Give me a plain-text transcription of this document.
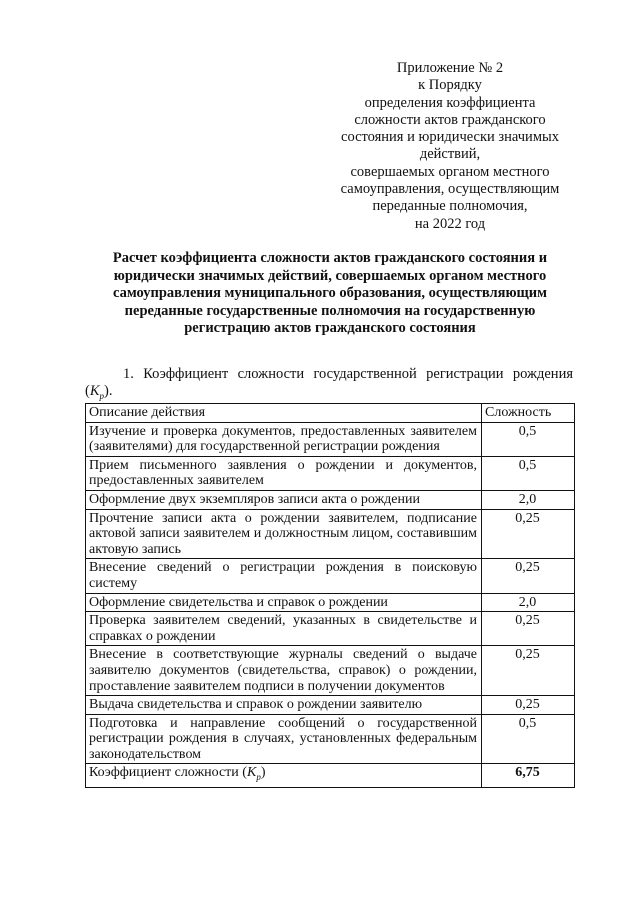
Приложение № 2
к Порядку
определения коэффициента
сложности актов гражданского
состояния и юридически значимых
действий,
совершаемых органом местного
самоуправления, осуществляющим
переданные полномочия,
на 2022 год
Расчет коэффициента сложности актов гражданского состояния и
юридически значимых действий, совершаемых органом местного
самоуправления муниципального образования, осуществляющим
переданные государственные полномочия на государственную
регистрацию актов гражданского состояния
1. Коэффициент сложности государственной регистрации рождения $(K_р)$.
Описание действия	Сложность
Изучение и проверка документов, предоставленных заявителем (заявителями) для государственной регистрации рождения	0,5
Прием письменного заявления о рождении и документов, предоставленных заявителем	0,5
Оформление двух экземпляров записи акта о рождении	2,0
Прочтение записи акта о рождении заявителем, подписание актовой записи заявителем и должностным лицом, составившим актовую запись	0,25
Внесение сведений о регистрации рождения в поисковую систему	0,25
Оформление свидетельства и справок о рождении	2,0
Проверка заявителем сведений, указанных в свидетельстве и справках о рождении	0,25
Внесение в соответствующие журналы сведений о выдаче заявителю документов (свидетельства, справок) о рождении, проставление заявителем подписи в получении документов	0,25
Выдача свидетельства и справок о рождении заявителю	0,25
Подготовка и направление сообщений о государственной регистрации рождения в случаях, установленных федеральным законодательством	0,5
Коэффициент сложности $(K_р)$	6,75
